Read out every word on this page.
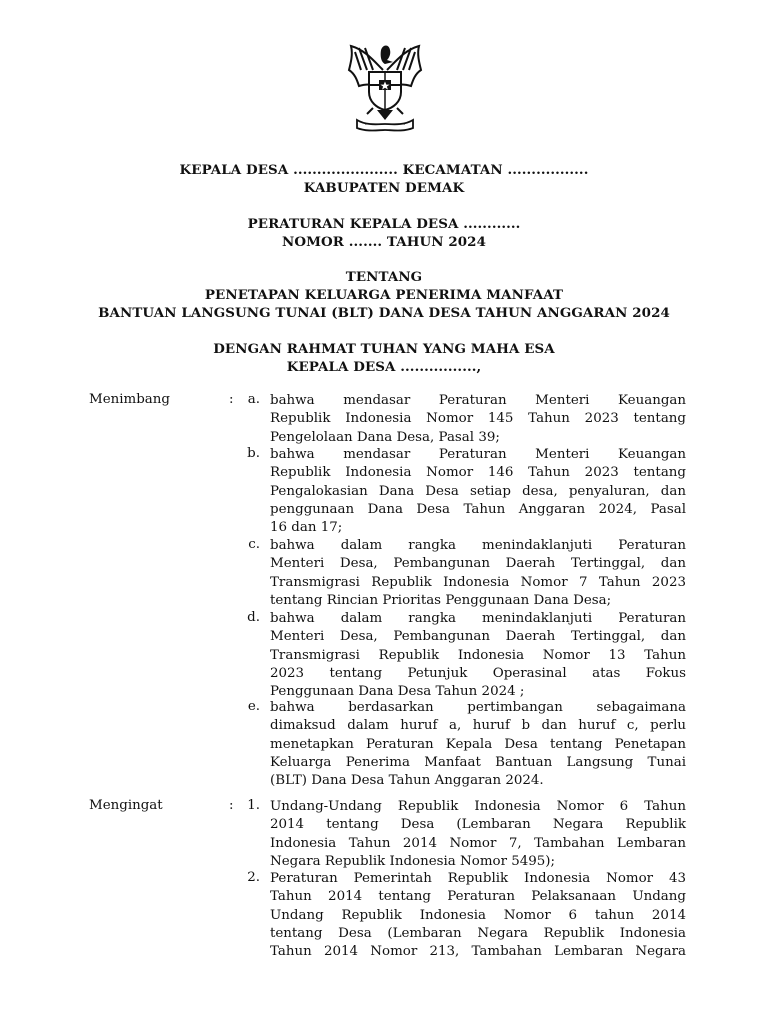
KEPALA DESA ...................... KECAMATAN .................
KABUPATEN DEMAK
PERATURAN KEPALA DESA ............
NOMOR ....... TAHUN 2024
TENTANG
PENETAPAN KELUARGA PENERIMA MANFAAT
BANTUAN LANGSUNG TUNAI (BLT) DANA DESA TAHUN ANGGARAN 2024
DENGAN RAHMAT TUHAN YANG MAHA ESA
KEPALA DESA ................,
Menimbang	:	a. bahwa mendasar Peraturan Menteri Keuangan
Republik Indonesia Nomor 145 Tahun 2023 tentang
Pengelolaan Dana Desa, Pasal 39;
b. bahwa mendasar Peraturan Menteri Keuangan
Republik Indonesia Nomor 146 Tahun 2023 tentang
Pengalokasian Dana Desa setiap desa, penyaluran, dan
penggunaan Dana Desa Tahun Anggaran 2024, Pasal
16 dan 17;
c. bahwa dalam rangka menindaklanjuti Peraturan
Menteri Desa, Pembangunan Daerah Tertinggal, dan
Transmigrasi Republik Indonesia Nomor 7 Tahun 2023
tentang Rincian Prioritas Penggunaan Dana Desa;
d. bahwa dalam rangka menindaklanjuti Peraturan
Menteri Desa, Pembangunan Daerah Tertinggal, dan
Transmigrasi Republik Indonesia Nomor 13 Tahun
2023 tentang Petunjuk Operasinal atas Fokus
Penggunaan Dana Desa Tahun 2024 ;
e. bahwa berdasarkan pertimbangan sebagaimana
dimaksud dalam huruf a, huruf b dan huruf c, perlu
menetapkan Peraturan Kepala Desa tentang Penetapan
Keluarga Penerima Manfaat Bantuan Langsung Tunai
(BLT) Dana Desa Tahun Anggaran 2024.
Mengingat	:	1. Undang-Undang Republik Indonesia Nomor 6 Tahun
2014 tentang Desa (Lembaran Negara Republik
Indonesia Tahun 2014 Nomor 7, Tambahan Lembaran
Negara Republik Indonesia Nomor 5495);
2. Peraturan Pemerintah Republik Indonesia Nomor 43
Tahun 2014 tentang Peraturan Pelaksanaan Undang
Undang Republik Indonesia Nomor 6 tahun 2014
tentang Desa (Lembaran Negara Republik Indonesia
Tahun 2014 Nomor 213, Tambahan Lembaran Negara
